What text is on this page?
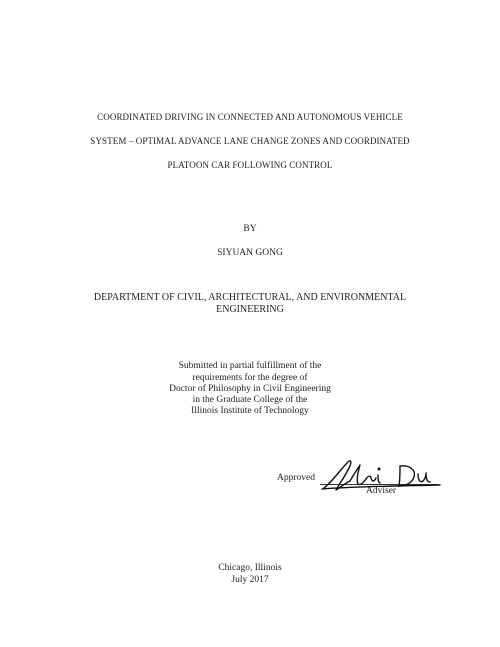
COORDINATED DRIVING IN CONNECTED AND AUTONOMOUS VEHICLE
SYSTEM – OPTIMAL ADVANCE LANE CHANGE ZONES AND COORDINATED
PLATOON CAR FOLLOWING CONTROL
BY
SIYUAN GONG
DEPARTMENT OF CIVIL, ARCHITECTURAL, AND ENVIRONMENTAL
ENGINEERING
Submitted in partial fulfillment of the
requirements for the degree of
Doctor of Philosophy in Civil Engineering
in the Graduate College of the
Illinois Institute of Technology
Approved
Adviser
Chicago, Illinois
July 2017
